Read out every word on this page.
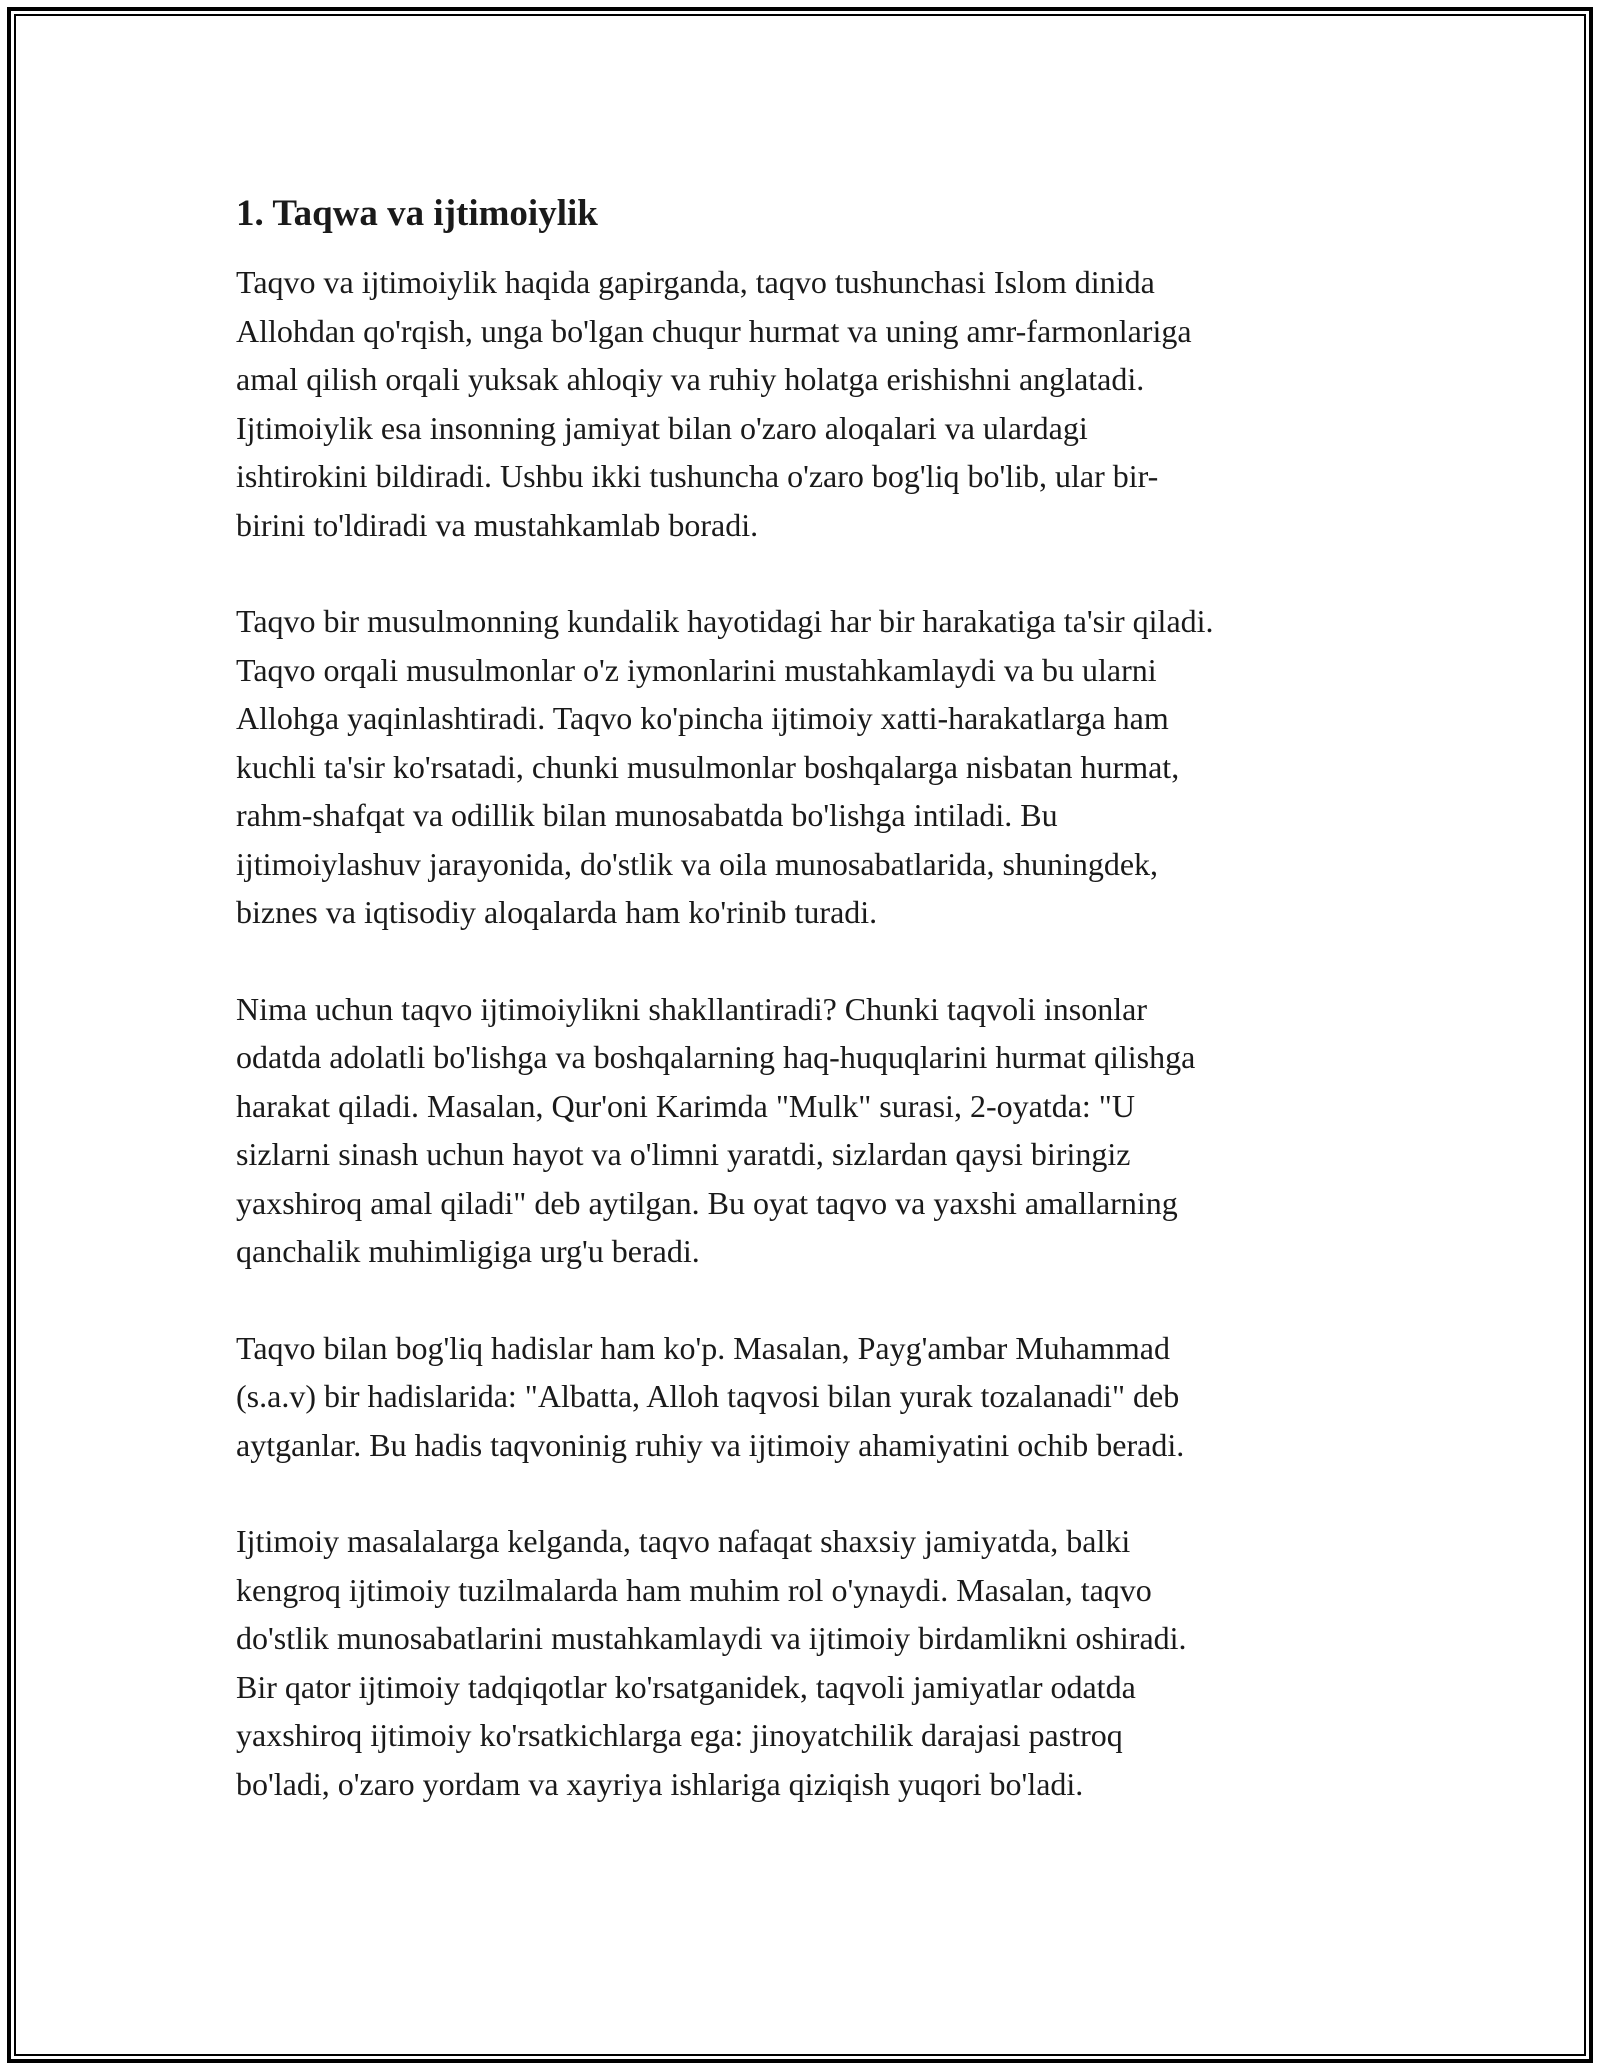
1. Taqwa va ijtimoiylik

Taqvo va ijtimoiylik haqida gapirganda, taqvo tushunchasi Islom dinida
Allohdan qo'rqish, unga bo'lgan chuqur hurmat va uning amr-farmonlariga
amal qilish orqali yuksak ahloqiy va ruhiy holatga erishishni anglatadi.
Ijtimoiylik esa insonning jamiyat bilan o'zaro aloqalari va ulardagi
ishtirokini bildiradi. Ushbu ikki tushuncha o'zaro bog'liq bo'lib, ular bir-
birini to'ldiradi va mustahkamlab boradi.

Taqvo bir musulmonning kundalik hayotidagi har bir harakatiga ta'sir qiladi.
Taqvo orqali musulmonlar o'z iymonlarini mustahkamlaydi va bu ularni
Allohga yaqinlashtiradi. Taqvo ko'pincha ijtimoiy xatti-harakatlarga ham
kuchli ta'sir ko'rsatadi, chunki musulmonlar boshqalarga nisbatan hurmat,
rahm-shafqat va odillik bilan munosabatda bo'lishga intiladi. Bu
ijtimoiylashuv jarayonida, do'stlik va oila munosabatlarida, shuningdek,
biznes va iqtisodiy aloqalarda ham ko'rinib turadi.

Nima uchun taqvo ijtimoiylikni shakllantiradi? Chunki taqvoli insonlar
odatda adolatli bo'lishga va boshqalarning haq-huquqlarini hurmat qilishga
harakat qiladi. Masalan, Qur'oni Karimda "Mulk" surasi, 2-oyatda: "U
sizlarni sinash uchun hayot va o'limni yaratdi, sizlardan qaysi biringiz
yaxshiroq amal qiladi" deb aytilgan. Bu oyat taqvo va yaxshi amallarning
qanchalik muhimligiga urg'u beradi.

Taqvo bilan bog'liq hadislar ham ko'p. Masalan, Payg'ambar Muhammad
(s.a.v) bir hadislarida: "Albatta, Alloh taqvosi bilan yurak tozalanadi" deb
aytganlar. Bu hadis taqvoninig ruhiy va ijtimoiy ahamiyatini ochib beradi.

Ijtimoiy masalalarga kelganda, taqvo nafaqat shaxsiy jamiyatda, balki
kengroq ijtimoiy tuzilmalarda ham muhim rol o'ynaydi. Masalan, taqvo
do'stlik munosabatlarini mustahkamlaydi va ijtimoiy birdamlikni oshiradi.
Bir qator ijtimoiy tadqiqotlar ko'rsatganidek, taqvoli jamiyatlar odatda
yaxshiroq ijtimoiy ko'rsatkichlarga ega: jinoyatchilik darajasi pastroq
bo'ladi, o'zaro yordam va xayriya ishlariga qiziqish yuqori bo'ladi.
